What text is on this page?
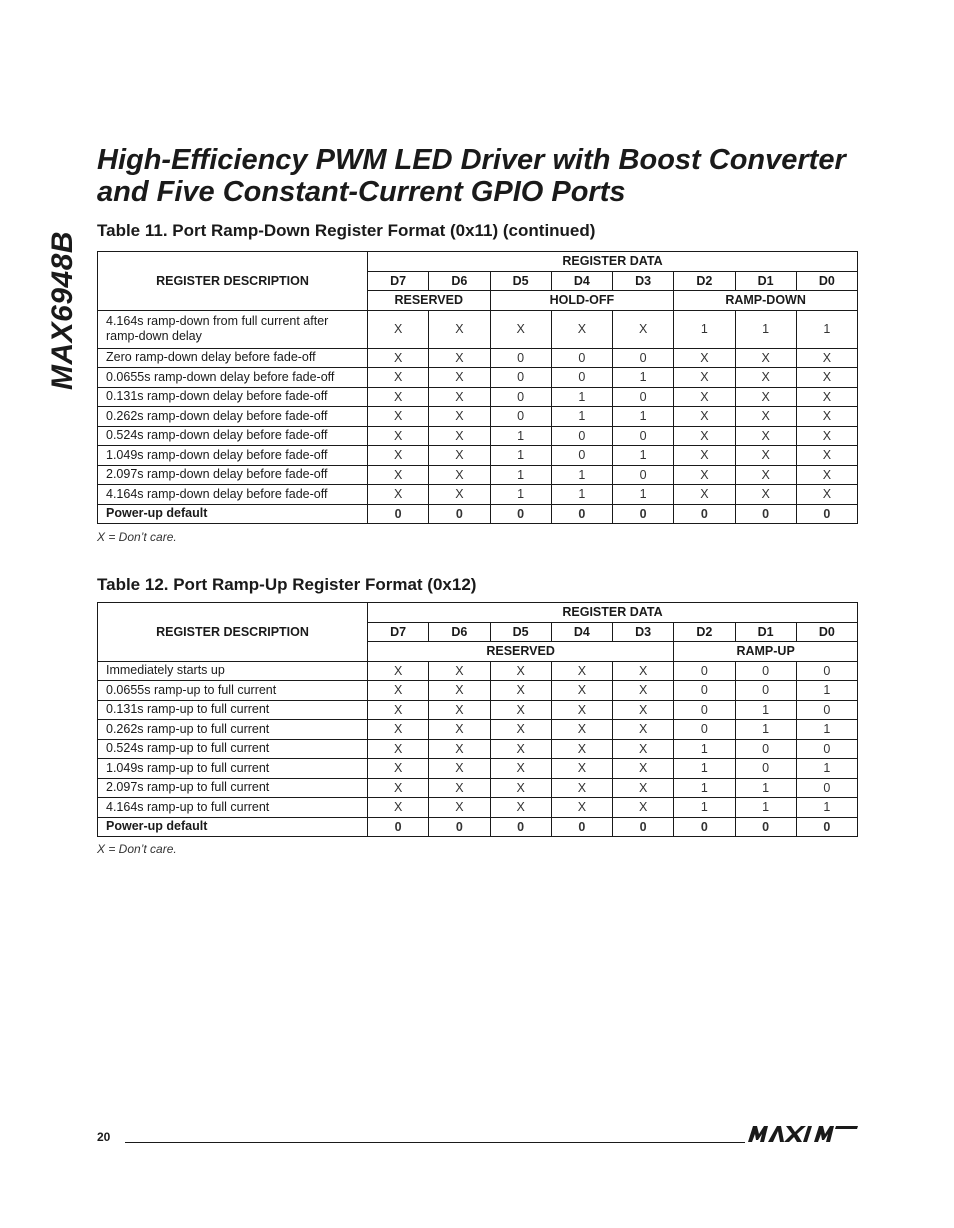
MAX6948B
High-Efficiency PWM LED Driver with Boost Converter and Five Constant-Current GPIO Ports
Table 11. Port Ramp-Down Register Format (0x11) (continued)
REGISTER DESCRIPTION	REGISTER DATA							
	D7	D6	D5	D4	D3	D2	D1	D0
	RESERVED		HOLD-OFF			RAMP-DOWN		
4.164s ramp-down from full current after ramp-down delay	X	X	X	X	X	1	1	1
Zero ramp-down delay before fade-off	X	X	0	0	0	X	X	X
0.0655s ramp-down delay before fade-off	X	X	0	0	1	X	X	X
0.131s ramp-down delay before fade-off	X	X	0	1	0	X	X	X
0.262s ramp-down delay before fade-off	X	X	0	1	1	X	X	X
0.524s ramp-down delay before fade-off	X	X	1	0	0	X	X	X
1.049s ramp-down delay before fade-off	X	X	1	0	1	X	X	X
2.097s ramp-down delay before fade-off	X	X	1	1	0	X	X	X
4.164s ramp-down delay before fade-off	X	X	1	1	1	X	X	X
Power-up default	0	0	0	0	0	0	0	0
X = Don’t care.
Table 12. Port Ramp-Up Register Format (0x12)
REGISTER DESCRIPTION	REGISTER DATA							
	D7	D6	D5	D4	D3	D2	D1	D0
	RESERVED					RAMP-UP		
Immediately starts up	X	X	X	X	X	0	0	0
0.0655s ramp-up to full current	X	X	X	X	X	0	0	1
0.131s ramp-up to full current	X	X	X	X	X	0	1	0
0.262s ramp-up to full current	X	X	X	X	X	0	1	1
0.524s ramp-up to full current	X	X	X	X	X	1	0	0
1.049s ramp-up to full current	X	X	X	X	X	1	0	1
2.097s ramp-up to full current	X	X	X	X	X	1	1	0
4.164s ramp-up to full current	X	X	X	X	X	1	1	1
Power-up default	0	0	0	0	0	0	0	0
X = Don’t care.
20
